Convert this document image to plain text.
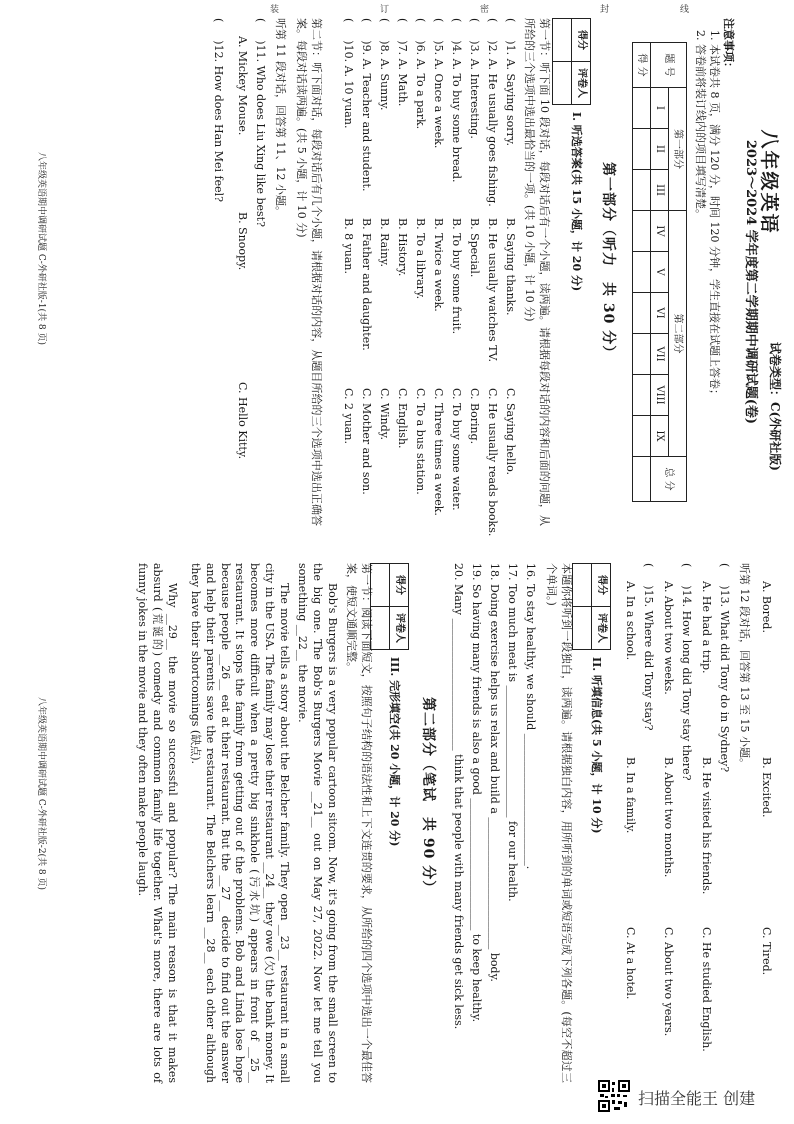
试卷类型：C(外研社版)
2023～2024 学年度第二学期期中调研试题(卷) 八年级英语
注意事项：
1. 本试卷共 8 页，满分 120 分，时间 120 分钟，学生直接在试题上答卷；
2. 答卷前将装订线内的项目填写清楚。
题 号	第一部分			第二部分						总 分
	I	II	III	IV	V	VI	VII	VIII	IX	
得 分										
第一部分（听力　共 30 分）
得分	评卷人

I. 听选答案(共 15 小题，计 20 分)
第一节：听下面 10 段对话，每段对话后有一个小题，读两遍。请根据每段对话的内容和后面的问题，从所给的三个选项中选出最恰当的一项。(共 10 小题，计 10 分)
( 　 )1. A. Saying sorry.
B. Saying thanks.
C. Saying hello.
( 　 )2. A. He usually goes fishing.
B. He usually watches TV.
C. He usually reads books.
( 　 )3. A. Interesting.
B. Special.
C. Boring.
( 　 )4. A. To buy some bread.
B. To buy some fruit.
C. To buy some water.
( 　 )5. A. Once a week.
B. Twice a week.
C. Three times a week.
( 　 )6. A. To a park.
B. To a library.
C. To a bus station.
( 　 )7. A. Math.
B. History.
C. English.
( 　 )8. A. Sunny.
B. Rainy.
C. Windy.
( 　 )9. A. Teacher and student.
B. Father and daughter.
C. Mother and son.
( 　 )10. A. 10 yuan.
B. 8 yuan.
C. 2 yuan.
第二节：听下面对话，每段对话后有几个小题，请根据对话的内容，从题目所给的三个选项中选出正确答案。每段对话读两遍。(共 5 小题，计 10 分)
听第 11 段对话，回答第 11、12 小题。
( 　 )11. Who does Liu Xing like best?
A. Mickey Mouse.
B. Snoopy.
C. Hello Kitty.
( 　 )12. How does Han Mei feel?
八年级英语期中调研试题 C-外研社版-1(共 8 页)
A. Bored.
B. Excited.
C. Tired.
听第 12 段对话，回答第 13 至 15 小题。
( 　 )13. What did Tony do in Sydney?
A. He had a trip.
B. He visited his friends.
C. He studied English.
( 　 )14. How long did Tony stay there?
A. About two weeks.
B. About two months.
C. About two years.
( 　 )15. Where did Tony stay?
A. In a school.
B. In a family.
C. At a hotel.
得分	评卷人

II. 听填信息(共 5 小题，计 10 分)
本题你将听到一段独白，读两遍。请根据独白内容，用所听到的单词或短语完成下列各题。(每空不超过三个单词。)
16. To stay healthy, we should ________________________.
17. Too much meat is ________________________ for our health.
18. Doing exercise helps us relax and build a ________________________ body.
19. So having many friends is also a good ________________________ to keep healthy.
20. Many ________________________ think that people with many friends get sick less.
第二部分（笔试　共 90 分）
得分	评卷人

III. 完形填空(共 20 小题，计 20 分)
第一节：阅读下面短文，按照句子结构的语法性和上下文连贯的要求，从所给的四个选项中选出一个最佳答案，使短文通顺完整。
Bob's Burgers is a very popular cartoon sitcom. Now, it's going from the small screen to the big one. The Bob's Burgers Movie __21__ out on May 27, 2022. Now let me tell you something __22__ the movie.
The movie tells a story about the Belcher family. They open __23__ restaurant in a small city in the USA. The family may lose their restaurant __24__ they owe (欠) the bank money. It becomes more difficult when a pretty big sinkhole (污水坑) appears in front of __25__ restaurant. It stops the family from getting out of the problems. Bob and Linda lose hope because people __26__ eat at their restaurant. But the __27__ decide to find out the answer and help their parents save the restaurant. The Belchers learn __28__ each other although they have their shortcomings (缺点).
Why __29__ the movie so successful and popular? The main reason is that it makes absurd (荒诞的) comedy and common family life together. What's more, there are lots of funny jokes in the movie and they often make people laugh.
八年级英语期中调研试题 C-外研社版-2(共 8 页)
线
封
密
订
装
扫描全能王 创建
